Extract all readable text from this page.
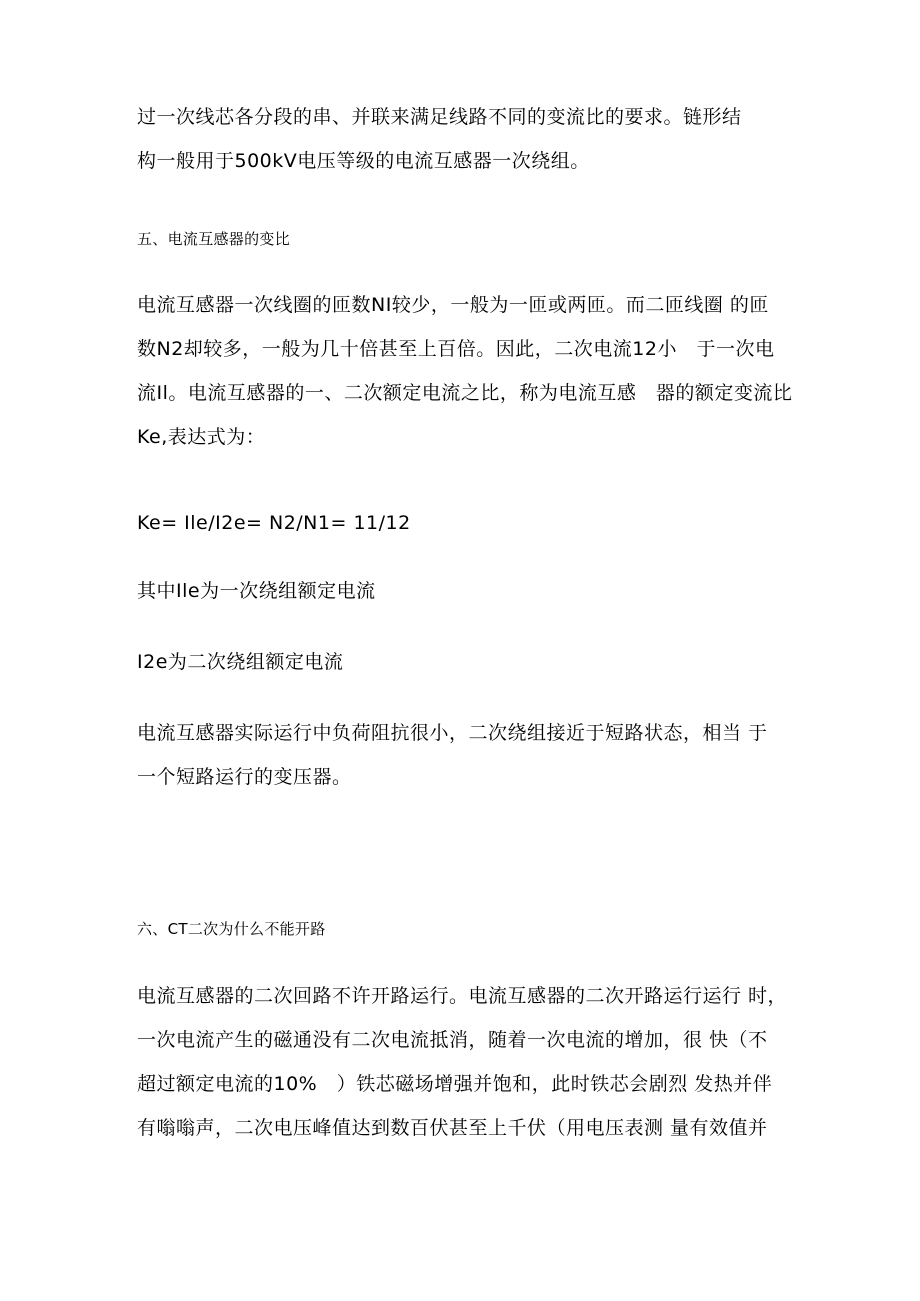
过一次线芯各分段的串、并联来满足线路不同的变流比的要求。链形结
构一般用于500kV电压等级的电流互感器一次绕组。
五、电流互感器的变比
电流互感器一次线圈的匝数NI较少，一般为一匝或两匝。而二匝线圈 的匝
数N2却较多，一般为几十倍甚至上百倍。因此，二次电流12小　于一次电
流Il。电流互感器的一、二次额定电流之比，称为电流互感　器的额定变流比
Ke,表达式为：
Ke= Ile/I2e= N2/N1= 11/12
其中Ile为一次绕组额定电流
I2e为二次绕组额定电流
电流互感器实际运行中负荷阻抗很小，二次绕组接近于短路状态，相当 于
一个短路运行的变压器。
六、CT二次为什么不能开路
电流互感器的二次回路不许开路运行。电流互感器的二次开路运行运行 时，
一次电流产生的磁通没有二次电流抵消，随着一次电流的增加，很 快（不
超过额定电流的10%　）铁芯磁场增强并饱和，此时铁芯会剧烈 发热并伴
有嗡嗡声，二次电压峰值达到数百伏甚至上千伏（用电压表测 量有效值并
